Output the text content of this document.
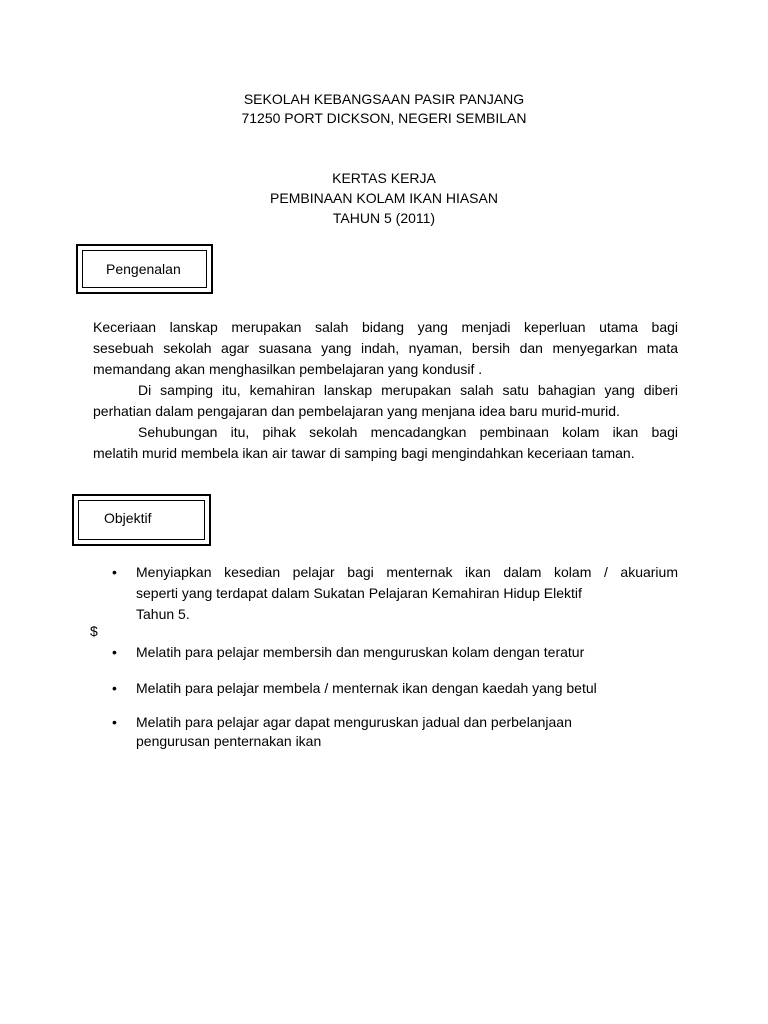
SEKOLAH KEBANGSAAN PASIR PANJANG
71250 PORT DICKSON, NEGERI SEMBILAN
KERTAS KERJA
PEMBINAAN KOLAM IKAN HIASAN
TAHUN 5 (2011)
Pengenalan
Keceriaan lanskap merupakan salah bidang yang menjadi keperluan utama bagi
sesebuah sekolah agar suasana yang indah, nyaman, bersih dan menyegarkan mata
memandang akan menghasilkan pembelajaran yang kondusif .
Di samping itu, kemahiran lanskap merupakan salah satu bahagian yang diberi
perhatian dalam pengajaran dan pembelajaran yang menjana idea baru murid-murid.
Sehubungan itu, pihak sekolah mencadangkan pembinaan kolam ikan bagi
melatih murid membela ikan air tawar di samping bagi mengindahkan keceriaan taman.
Objektif
•	Menyiapkan kesedian pelajar bagi menternak ikan dalam kolam / akuarium
seperti yang terdapat dalam Sukatan Pelajaran Kemahiran Hidup Elektif
Tahun 5.
$
•	Melatih para pelajar membersih dan menguruskan kolam dengan teratur
•	Melatih para pelajar membela / menternak ikan dengan kaedah yang betul
•	Melatih para pelajar agar dapat menguruskan jadual dan perbelanjaan
pengurusan penternakan ikan
